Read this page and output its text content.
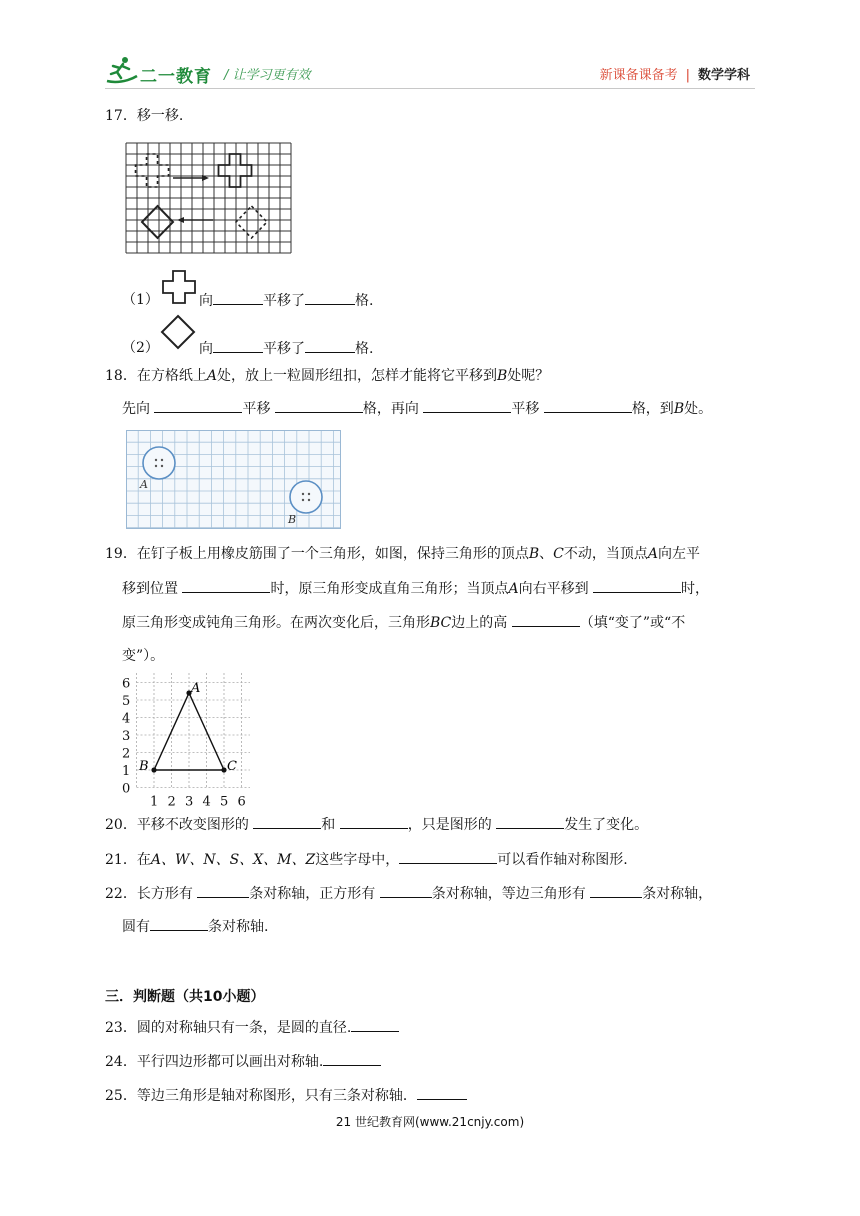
二一教育 / 让学习更有效	新课备课备考 | 数学学科
17．移一移.
（1）	向	平移了	格.
（2）	向	平移了	格.
18．在方格纸上A处，放上一粒圆形纽扣，怎样才能将它平移到B处呢？
先向	平移	格，再向	平移	格，到B处。
A
B
19．在钉子板上用橡皮筋围了一个三角形，如图，保持三角形的顶点B、C不动，当顶点A向左平
移到位置	时，原三角形变成直角三角形；当顶点A向右平移到	时，
原三角形变成钝角三角形。在两次变化后，三角形BC边上的高	（填“变了”或“不
变”）。
0
1
2
3
4
5
6
1 2 3 4 5 6
A
B	C
20．平移不改变图形的	和	，只是图形的	发生了变化。
21．在A、W、N、S、X、M、Z这些字母中，	可以看作轴对称图形.
22．长方形有	条对称轴，正方形有	条对称轴，等边三角形有	条对称轴，
圆有	条对称轴.
三．判断题（共10小题）
23．圆的对称轴只有一条，是圆的直径.
24．平行四边形都可以画出对称轴.
25．等边三角形是轴对称图形，只有三条对称轴．
21 世纪教育网(www.21cnjy.com)
